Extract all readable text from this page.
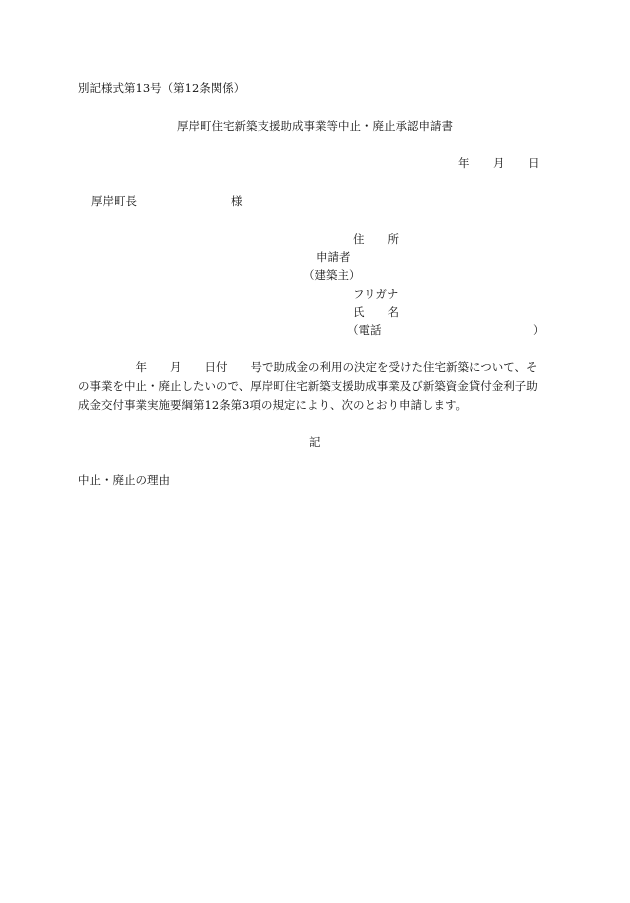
別記様式第13号（第12条関係）
厚岸町住宅新築支援助成事業等中止・廃止承認申請書
年 月 日
厚岸町長	様
住　　所
申請者
（建築主）
フリガナ
氏　　名
（電話	）
　　　　　年　　月　　日付　　号で助成金の利用の決定を受けた住宅新築について、そ
の事業を中止・廃止したいので、厚岸町住宅新築支援助成事業及び新築資金貸付金利子助
成金交付事業実施要綱第12条第3項の規定により、次のとおり申請します。
記
中止・廃止の理由
